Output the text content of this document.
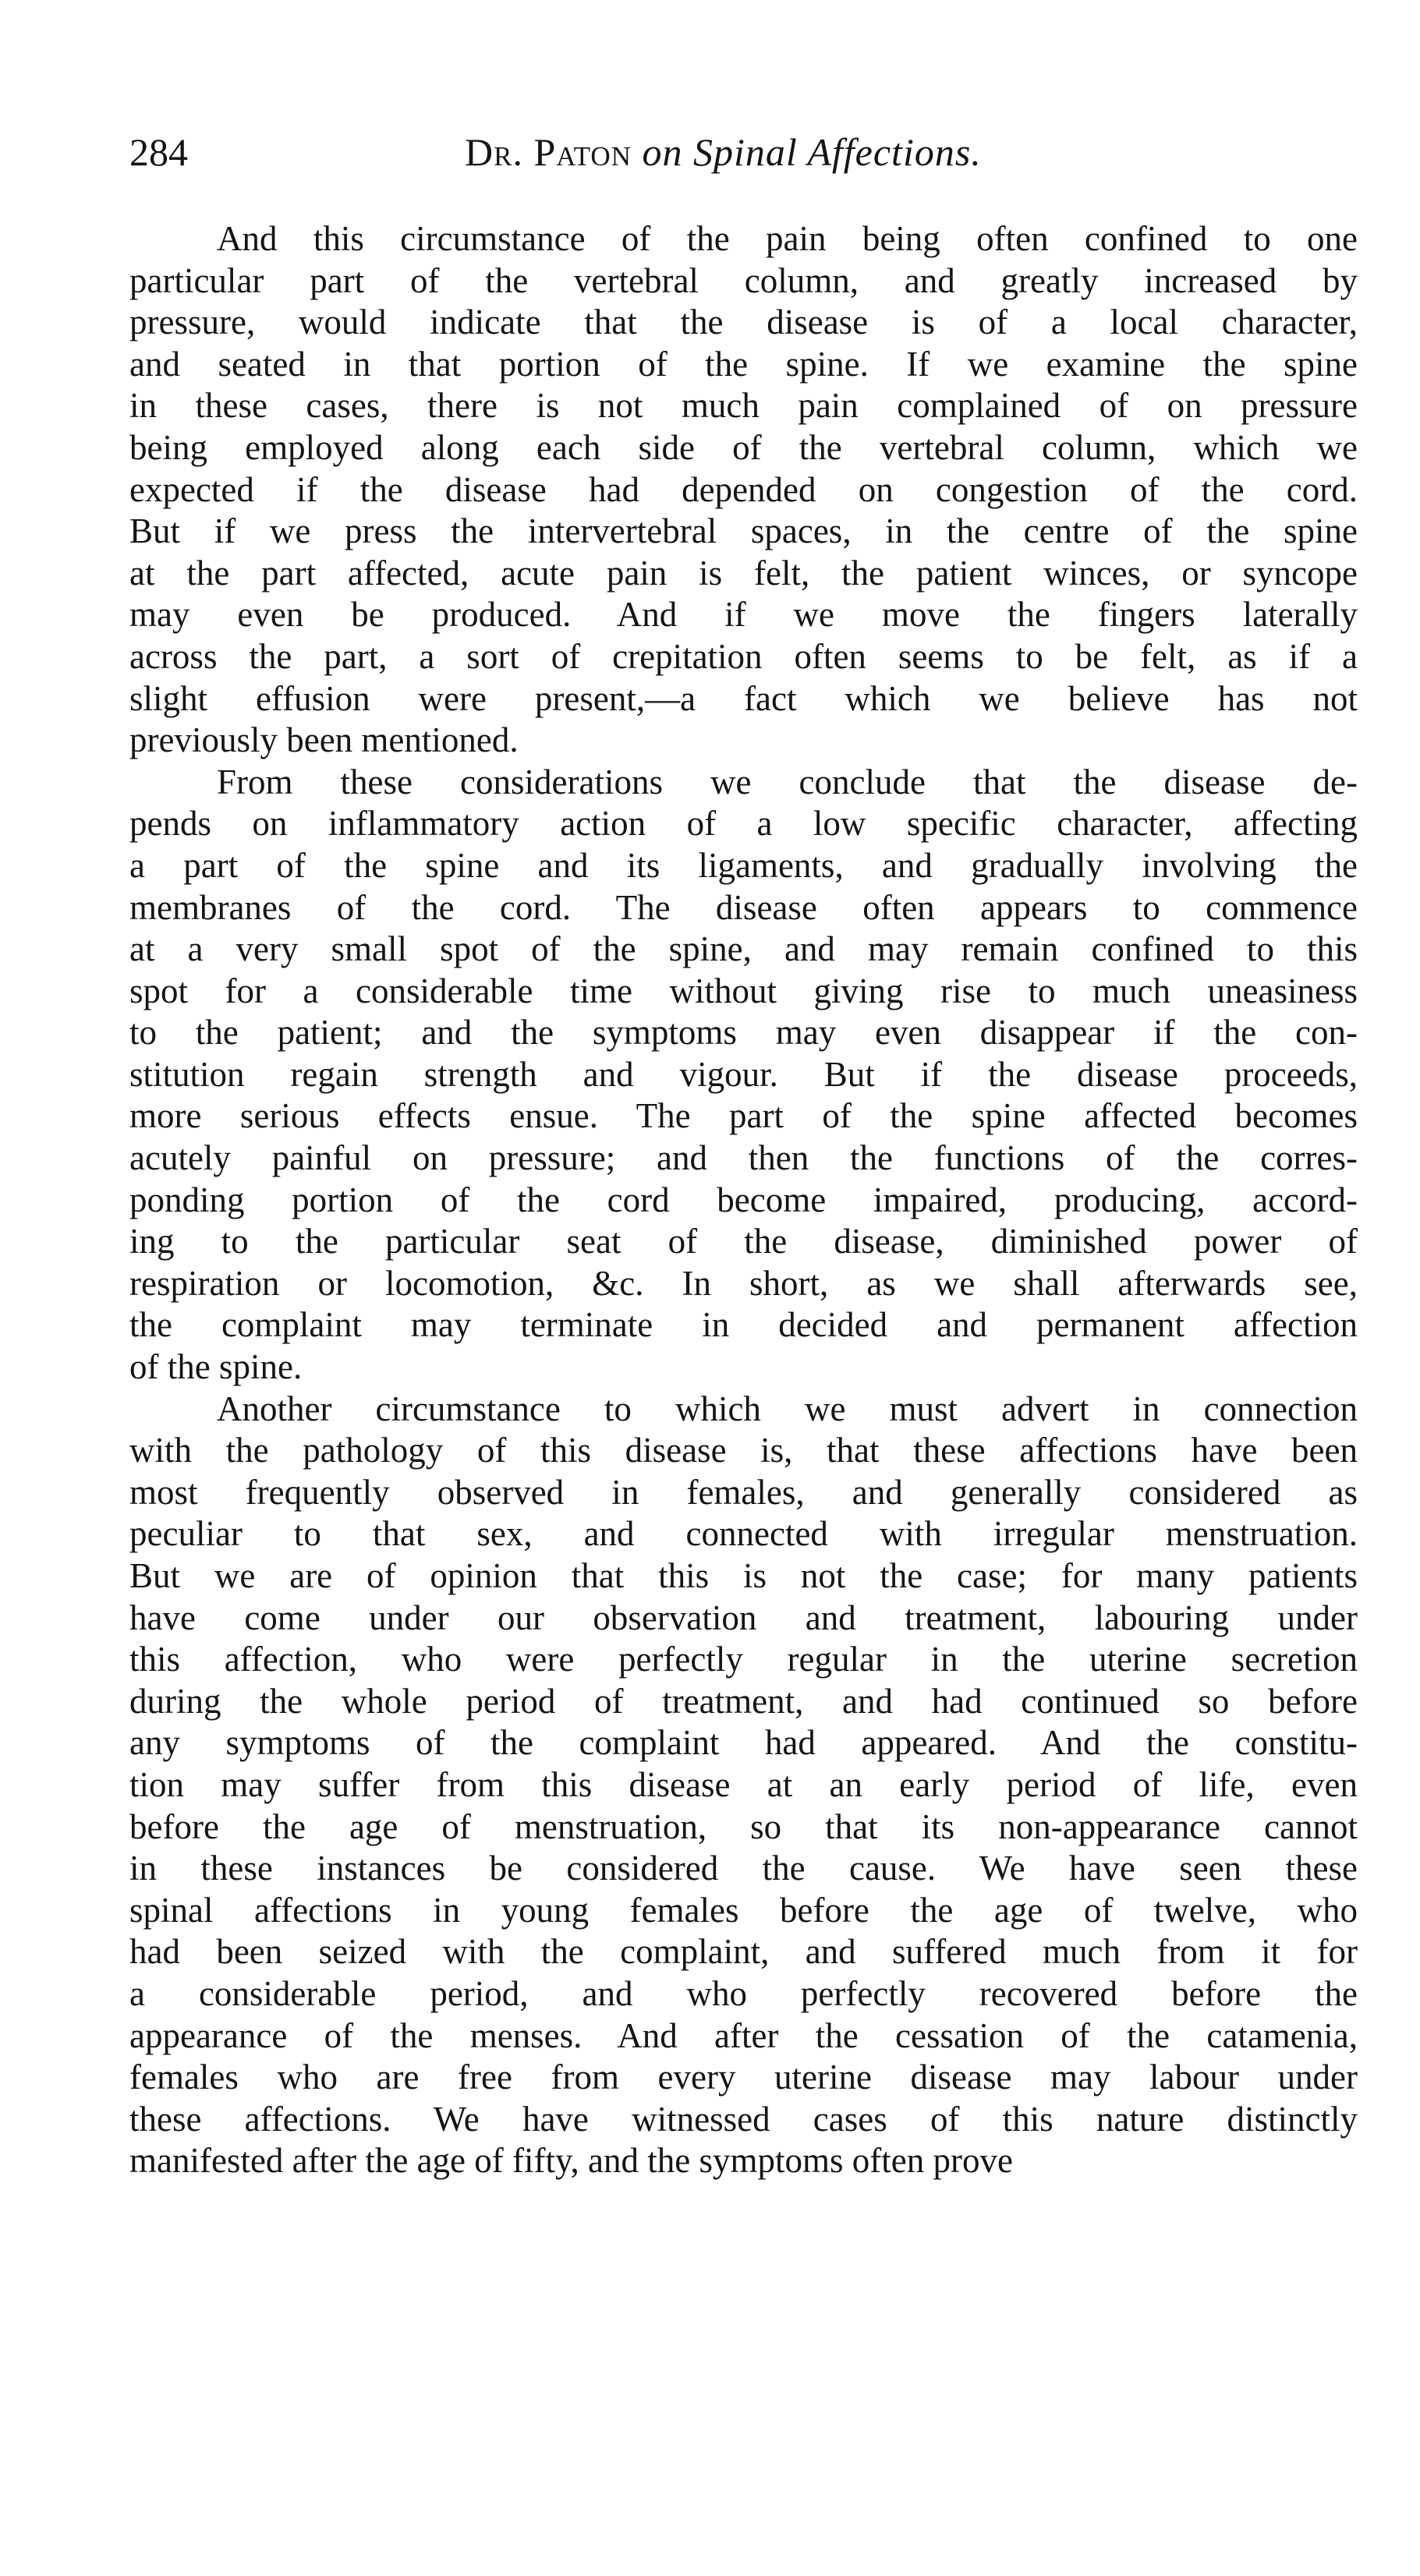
284	Dr. Paton on Spinal Affections.
And this circumstance of the pain being often confined to one
particular part of the vertebral column, and greatly increased by
pressure, would indicate that the disease is of a local character,
and seated in that portion of the spine. If we examine the spine
in these cases, there is not much pain complained of on pressure
being employed along each side of the vertebral column, which we
expected if the disease had depended on congestion of the cord.
But if we press the intervertebral spaces, in the centre of the spine
at the part affected, acute pain is felt, the patient winces, or syncope
may even be produced. And if we move the fingers laterally
across the part, a sort of crepitation often seems to be felt, as if a
slight effusion were present,—a fact which we believe has not
previously been mentioned.
From these considerations we conclude that the disease de-
pends on inflammatory action of a low specific character, affecting
a part of the spine and its ligaments, and gradually involving the
membranes of the cord. The disease often appears to commence
at a very small spot of the spine, and may remain confined to this
spot for a considerable time without giving rise to much uneasiness
to the patient; and the symptoms may even disappear if the con-
stitution regain strength and vigour. But if the disease proceeds,
more serious effects ensue. The part of the spine affected becomes
acutely painful on pressure; and then the functions of the corres-
ponding portion of the cord become impaired, producing, accord-
ing to the particular seat of the disease, diminished power of
respiration or locomotion, &c. In short, as we shall afterwards see,
the complaint may terminate in decided and permanent affection
of the spine.
Another circumstance to which we must advert in connection
with the pathology of this disease is, that these affections have been
most frequently observed in females, and generally considered as
peculiar to that sex, and connected with irregular menstruation.
But we are of opinion that this is not the case; for many patients
have come under our observation and treatment, labouring under
this affection, who were perfectly regular in the uterine secretion
during the whole period of treatment, and had continued so before
any symptoms of the complaint had appeared. And the constitu-
tion may suffer from this disease at an early period of life, even
before the age of menstruation, so that its non-appearance cannot
in these instances be considered the cause. We have seen these
spinal affections in young females before the age of twelve, who
had been seized with the complaint, and suffered much from it for
a considerable period, and who perfectly recovered before the
appearance of the menses. And after the cessation of the catamenia,
females who are free from every uterine disease may labour under
these affections. We have witnessed cases of this nature distinctly
manifested after the age of fifty, and the symptoms often prove
